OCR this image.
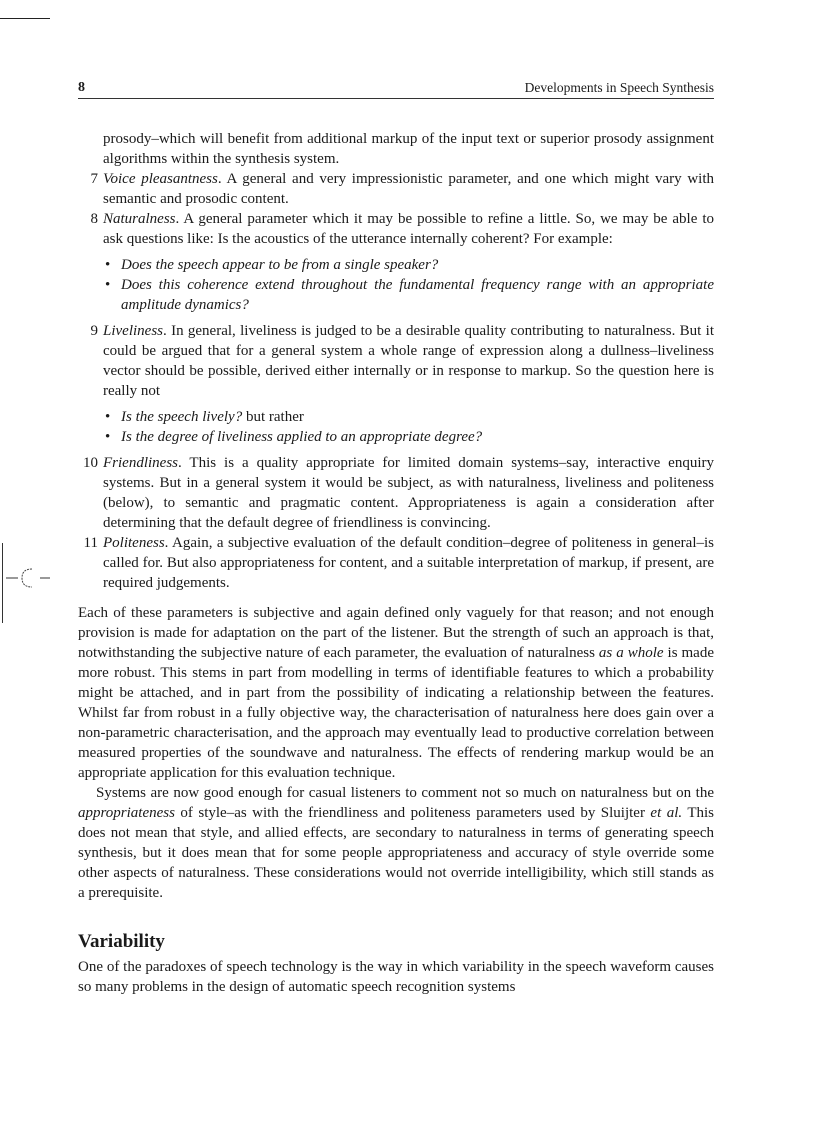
8	Developments in Speech Synthesis
prosody–which will benefit from additional markup of the input text or superior prosody assignment algorithms within the synthesis system.
7 Voice pleasantness. A general and very impressionistic parameter, and one which might vary with semantic and prosodic content.
8 Naturalness. A general parameter which it may be possible to refine a little. So, we may be able to ask questions like: Is the acoustics of the utterance internally coherent? For example:
• Does the speech appear to be from a single speaker?
• Does this coherence extend throughout the fundamental frequency range with an appropriate amplitude dynamics?
9 Liveliness. In general, liveliness is judged to be a desirable quality contributing to naturalness. But it could be argued that for a general system a whole range of expression along a dullness–liveliness vector should be possible, derived either internally or in response to markup. So the question here is really not
• Is the speech lively? but rather
• Is the degree of liveliness applied to an appropriate degree?
10 Friendliness. This is a quality appropriate for limited domain systems–say, interactive enquiry systems. But in a general system it would be subject, as with naturalness, liveliness and politeness (below), to semantic and pragmatic content. Appropriateness is again a consideration after determining that the default degree of friendliness is convincing.
11 Politeness. Again, a subjective evaluation of the default condition–degree of politeness in general–is called for. But also appropriateness for content, and a suitable interpretation of markup, if present, are required judgements.

Each of these parameters is subjective and again defined only vaguely for that reason; and not enough provision is made for adaptation on the part of the listener. But the strength of such an approach is that, notwithstanding the subjective nature of each parameter, the evaluation of naturalness as a whole is made more robust. This stems in part from modelling in terms of identifiable features to which a probability might be attached, and in part from the possibility of indicating a relationship between the features. Whilst far from robust in a fully objective way, the characterisation of naturalness here does gain over a non-parametric characterisation, and the approach may eventually lead to productive correlation between measured properties of the soundwave and naturalness. The effects of rendering markup would be an appropriate application for this evaluation technique.

Systems are now good enough for casual listeners to comment not so much on naturalness but on the appropriateness of style–as with the friendliness and politeness parameters used by Sluijter et al. This does not mean that style, and allied effects, are secondary to naturalness in terms of generating speech synthesis, but it does mean that for some people appropriateness and accuracy of style override some other aspects of naturalness. These considerations would not override intelligibility, which still stands as a prerequisite.

Variability

One of the paradoxes of speech technology is the way in which variability in the speech waveform causes so many problems in the design of automatic speech recognition systems
